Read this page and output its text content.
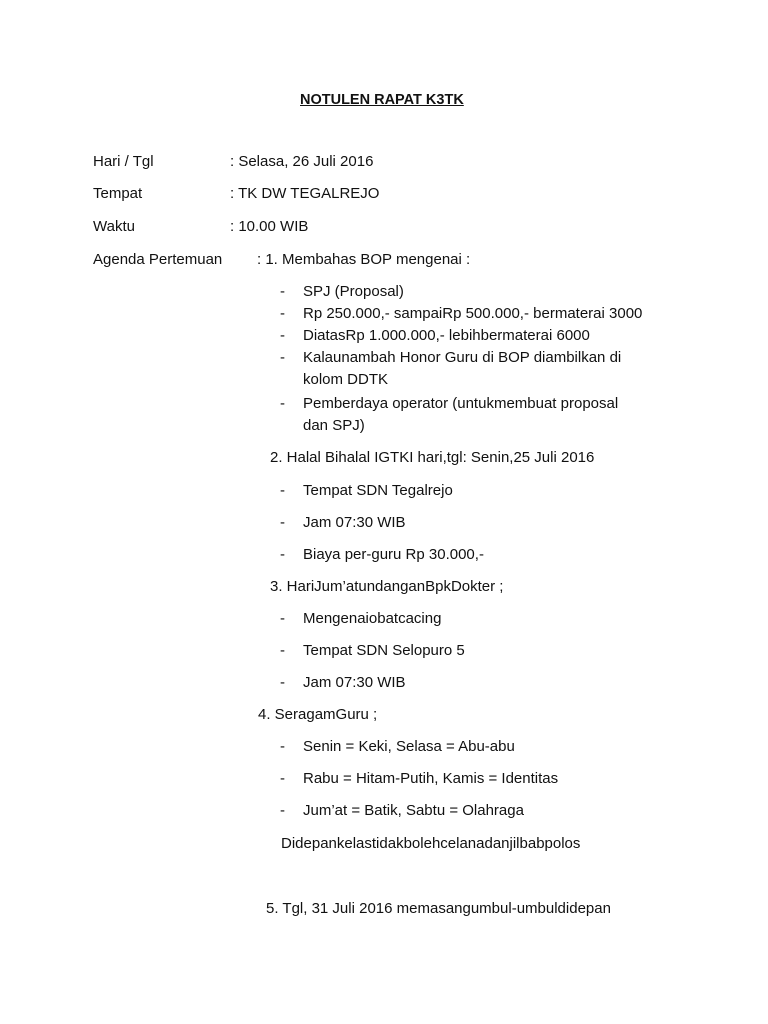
NOTULEN RAPAT K3TK
Hari / Tgl	: Selasa, 26 Juli 2016
Tempat	: TK DW TEGALREJO
Waktu	: 10.00 WIB
Agenda Pertemuan : 1. Membahas BOP mengenai :
- SPJ (Proposal)
- Rp 250.000,- sampaiRp 500.000,- bermaterai 3000
- DiatasRp 1.000.000,- lebihbermaterai 6000
- Kalaunambah Honor Guru di BOP diambilkan di
kolom DDTK
- Pemberdaya operator (untukmembuat proposal
dan SPJ)
2. Halal Bihalal IGTKI hari,tgl: Senin,25 Juli 2016
- Tempat SDN Tegalrejo
- Jam 07:30 WIB
- Biaya per-guru Rp 30.000,-
3. HariJum’atundanganBpkDokter ;
- Mengenaiobatcacing
- Tempat SDN Selopuro 5
- Jam 07:30 WIB
4. SeragamGuru ;
- Senin = Keki, Selasa = Abu-abu
- Rabu = Hitam-Putih, Kamis = Identitas
- Jum’at = Batik, Sabtu = Olahraga
Didepankelastidakbolehcelanadanjilbabpolos
5. Tgl, 31 Juli 2016 memasangumbul-umbuldidepan
